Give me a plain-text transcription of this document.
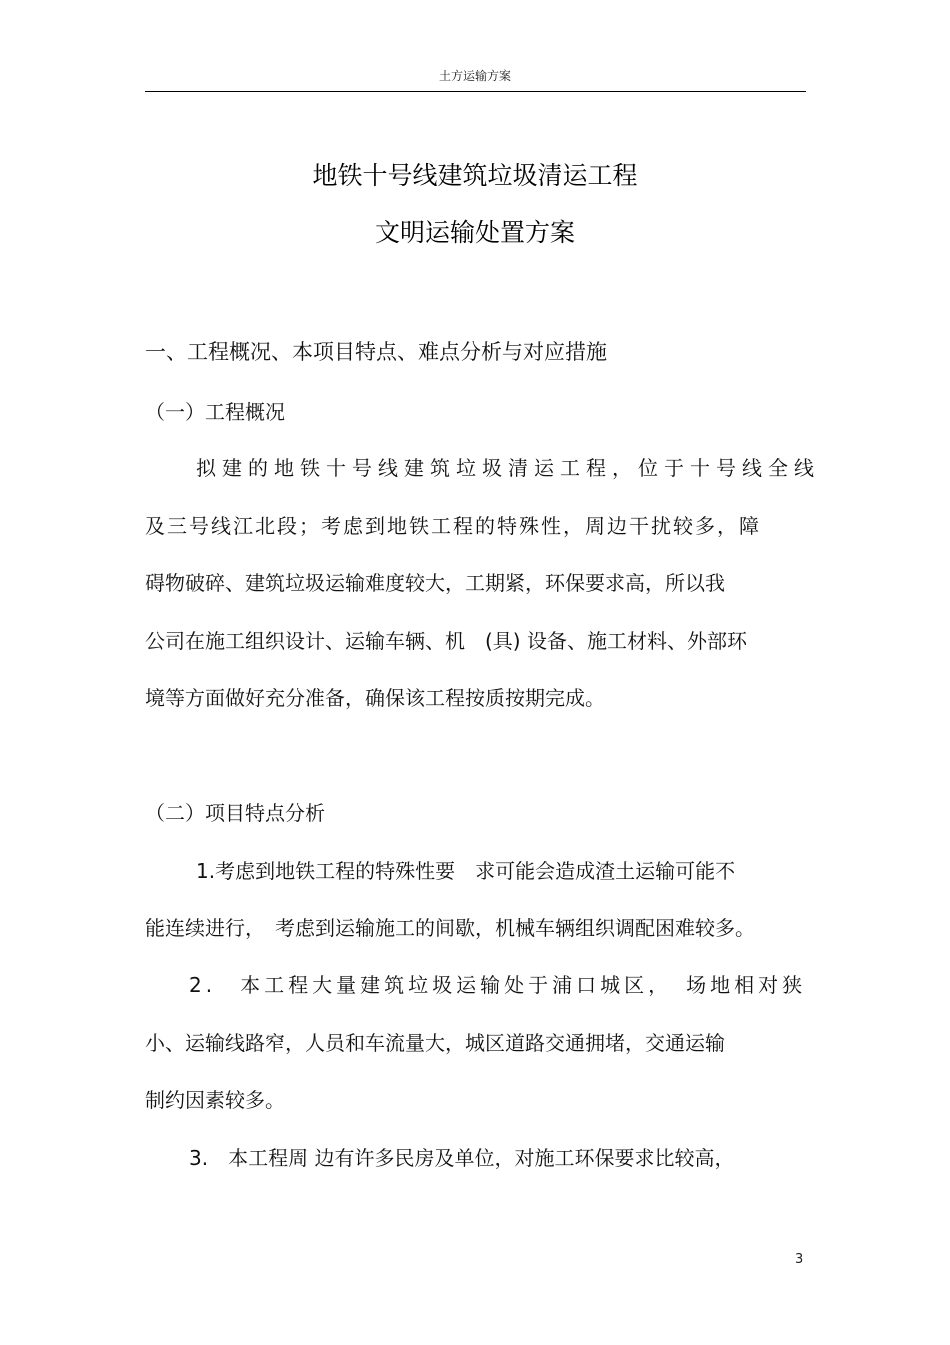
土方运输方案
地铁十号线建筑垃圾清运工程
文明运输处置方案
一、工程概况、本项目特点、难点分析与对应措施
（一）工程概况
拟建的地铁十号线建筑垃圾清运工程，位于十号线全线
及三号线江北段；考虑到地铁工程的特殊性，周边干扰较多，障
碍物破碎、建筑垃圾运输难度较大，工期紧，环保要求高，所以我
公司在施工组织设计、运输车辆、机　(具) 设备、施工材料、外部环
境等方面做好充分准备，确保该工程按质按期完成。
（二）项目特点分析
1.考虑到地铁工程的特殊性要　求可能会造成渣土运输可能不
能连续进行，　考虑到运输施工的间歇，机械车辆组织调配困难较多。
2.　本工程大量建筑垃圾运输处于浦口城区，　场地相对狭
小、运输线路窄，人员和车流量大，城区道路交通拥堵，交通运输
制约因素较多。
3.　本工程周 边有许多民房及单位，对施工环保要求比较高，
3
